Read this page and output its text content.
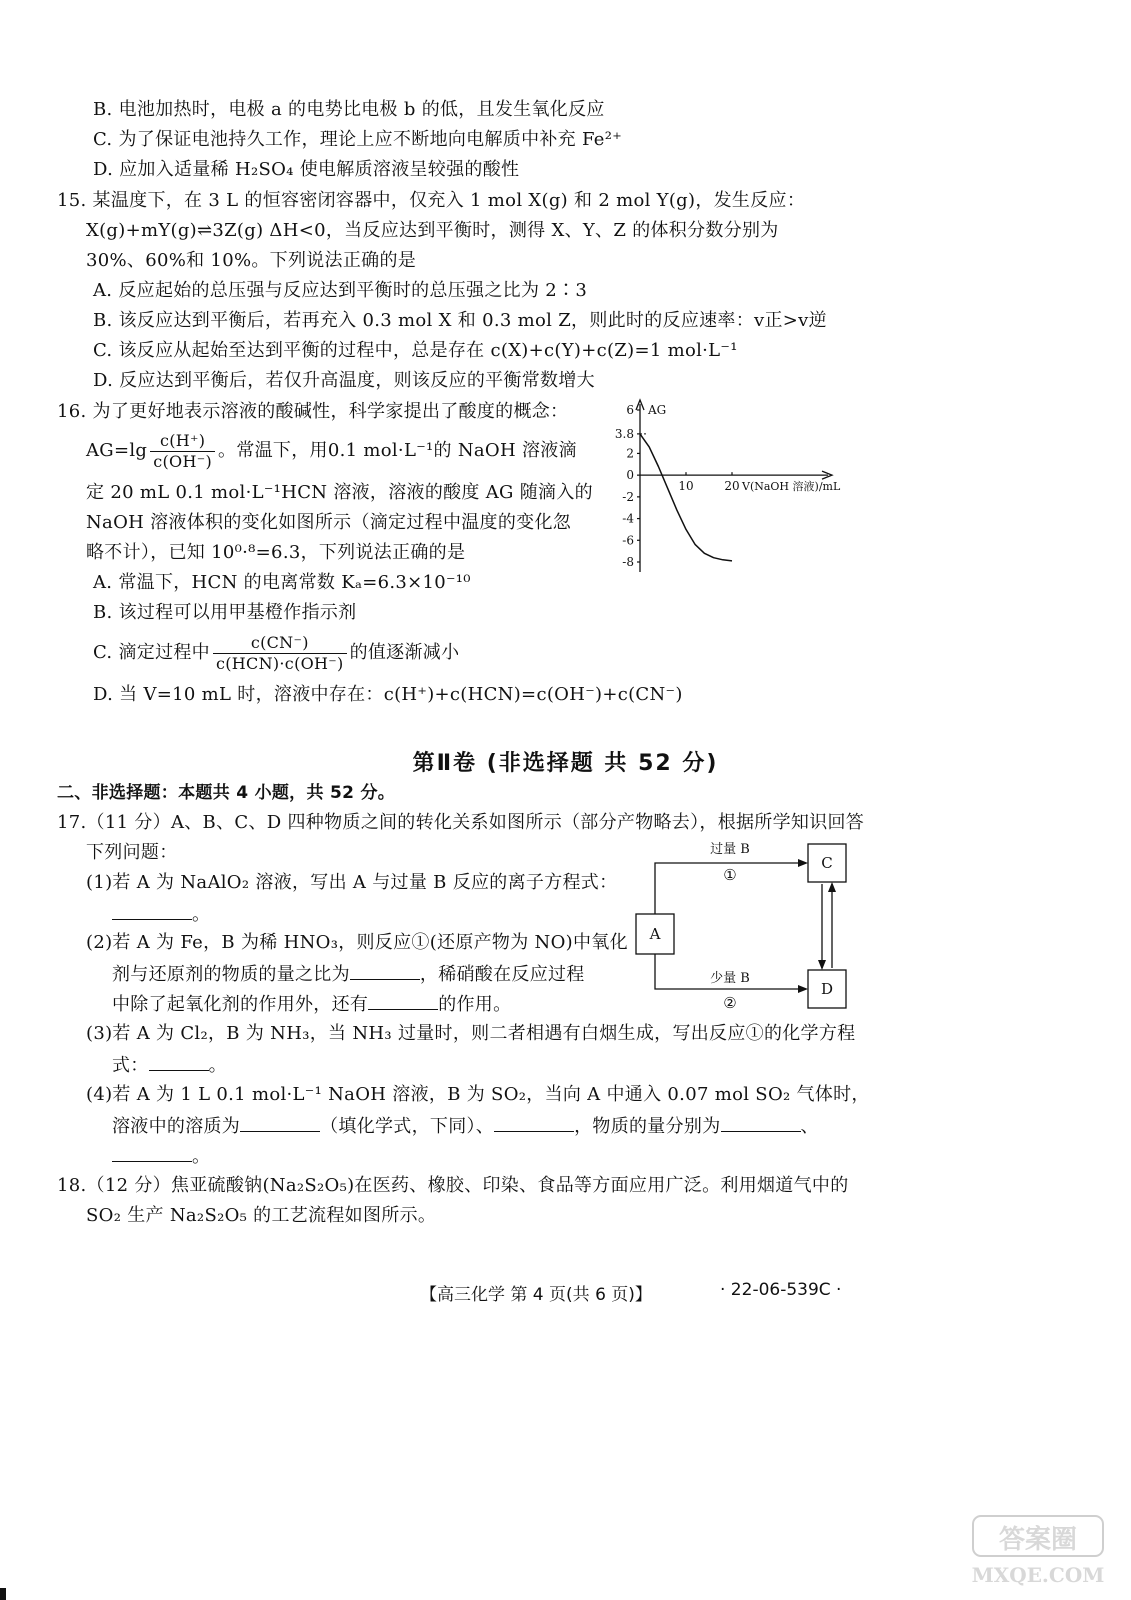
B. 电池加热时，电极 a 的电势比电极 b 的低，且发生氧化反应
C. 为了保证电池持久工作，理论上应不断地向电解质中补充 Fe²⁺
D. 应加入适量稀 H₂SO₄ 使电解质溶液呈较强的酸性
15. 某温度下，在 3 L 的恒容密闭容器中，仅充入 1 mol X(g) 和 2 mol Y(g)，发生反应：
X(g)+mY(g)⇌3Z(g) ΔH<0，当反应达到平衡时，测得 X、Y、Z 的体积分数分别为
30%、60%和 10%。下列说法正确的是
A. 反应起始的总压强与反应达到平衡时的总压强之比为 2∶3
B. 该反应达到平衡后，若再充入 0.3 mol X 和 0.3 mol Z，则此时的反应速率：v正>v逆
C. 该反应从起始至达到平衡的过程中，总是存在 c(X)+c(Y)+c(Z)=1 mol·L⁻¹
D. 反应达到平衡后，若仅升高温度，则该反应的平衡常数增大
16. 为了更好地表示溶液的酸碱性，科学家提出了酸度的概念：
$AG=\lg \frac{c(H^+)}{c(OH^-)}$ 。常温下，用0.1 mol·L⁻¹的 NaOH 溶液滴
定 20 mL 0.1 mol·L⁻¹HCN 溶液，溶液的酸度 AG 随滴入的
NaOH 溶液体积的变化如图所示（滴定过程中温度的变化忽
略不计），已知 10⁰·⁸=6.3，下列说法正确的是
A. 常温下，HCN 的电离常数 Kₐ=6.3×10⁻¹⁰
B. 该过程可以用甲基橙作指示剂
C. 滴定过程中 $\frac{c(CN^-)}{\text{c(HCN)·c(OH⁻)}}$ 的值逐渐减小
D. 当 V=10 mL 时，溶液中存在：c(H⁺)+c(HCN)=c(OH⁻)+c(CN⁻)
6
3.8
2
0
-2
-4
-6
-8
10	20
AG
V(NaOH 溶液)/mL
第Ⅱ卷 (非选择题 共 52 分)
二、非选择题：本题共 4 小题，共 52 分。
17.（11 分）A、B、C、D 四种物质之间的转化关系如图所示（部分产物略去），根据所学知识回答
下列问题：
(1)若 A 为 NaAlO₂ 溶液，写出 A 与过量 B 反应的离子方程式：
。
(2)若 A 为 Fe，B 为稀 HNO₃，则反应①(还原产物为 NO)中氧化
剂与还原剂的物质的量之比为	，稀硝酸在反应过程
中除了起氧化剂的作用外，还有	的作用。
(3)若 A 为 Cl₂，B 为 NH₃，当 NH₃ 过量时，则二者相遇有白烟生成，写出反应①的化学方程
式：	。
(4)若 A 为 1 L 0.1 mol·L⁻¹ NaOH 溶液，B 为 SO₂，当向 A 中通入 0.07 mol SO₂ 气体时，
溶液中的溶质为	（填化学式，下同）、	，物质的量分别为	、
。
A
C
D
过量 B
①
少量 B
②
18.（12 分）焦亚硫酸钠(Na₂S₂O₅)在医药、橡胶、印染、食品等方面应用广泛。利用烟道气中的
SO₂ 生产 Na₂S₂O₅ 的工艺流程如图所示。
【高三化学 第 4 页(共 6 页)】	· 22-06-539C ·
答案圈
MXQE.COM
